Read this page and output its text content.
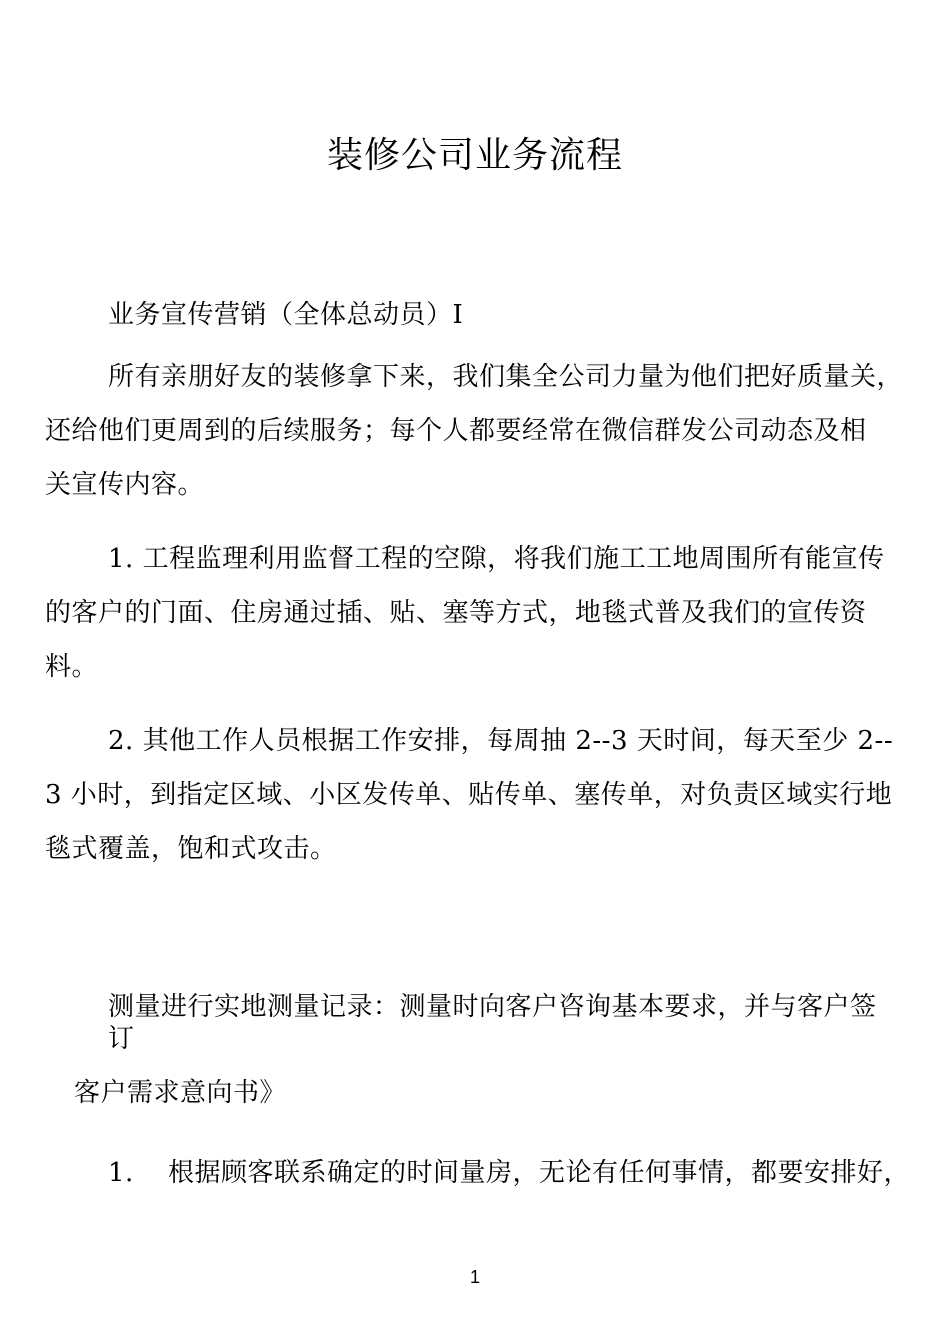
装修公司业务流程
业务宣传营销（全体总动员）I
所有亲朋好友的装修拿下来，我们集全公司力量为他们把好质量关，
还给他们更周到的后续服务；每个人都要经常在微信群发公司动态及相
关宣传内容。
1. 工程监理利用监督工程的空隙，将我们施工工地周围所有能宣传
的客户的门面、住房通过插、贴、塞等方式，地毯式普及我们的宣传资
料。
2. 其他工作人员根据工作安排，每周抽 2--3 天时间，每天至少 2--
3 小时，到指定区域、小区发传单、贴传单、塞传单，对负责区域实行地
毯式覆盖，饱和式攻击。
测量进行实地测量记录：测量时向客户咨询基本要求，并与客户签
订
客户需求意向书》
1. 根据顾客联系确定的时间量房，无论有任何事情，都要安排好，
1
